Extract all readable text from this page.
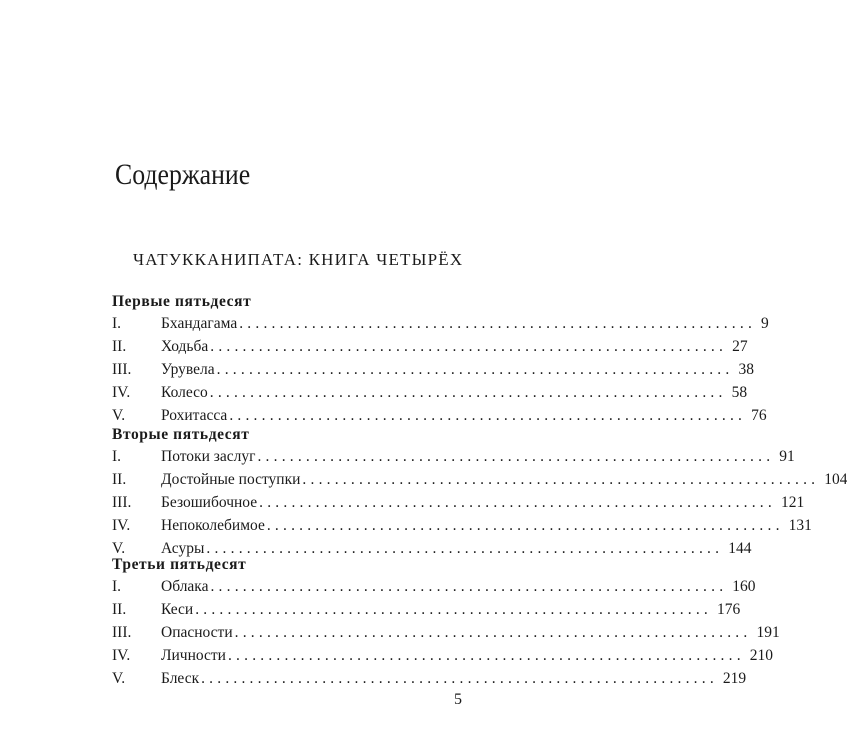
Содержание
ЧАТУККАНИПАТА: КНИГА ЧЕТЫРЁХ
Первые пятьдесят
I.	Бхандагама ................................................................ 9
II. Ходьба ................................................................ 27
III. Урувела ................................................................ 38
IV. Колесо ................................................................ 58
V. Рохитасса ................................................................ 76
Вторые пятьдесят
I.	Потоки заслуг ................................................................ 91
II. Достойные поступки ................................................................ 104
III. Безошибочное ................................................................ 121
IV. Непоколебимое ................................................................ 131
V. Асуры ................................................................ 144
Третьи пятьдесят
I.	Облака ................................................................ 160
II. Кеси ................................................................ 176
III. Опасности ................................................................ 191
IV. Личности ................................................................ 210
V. Блеск ................................................................ 219
5
